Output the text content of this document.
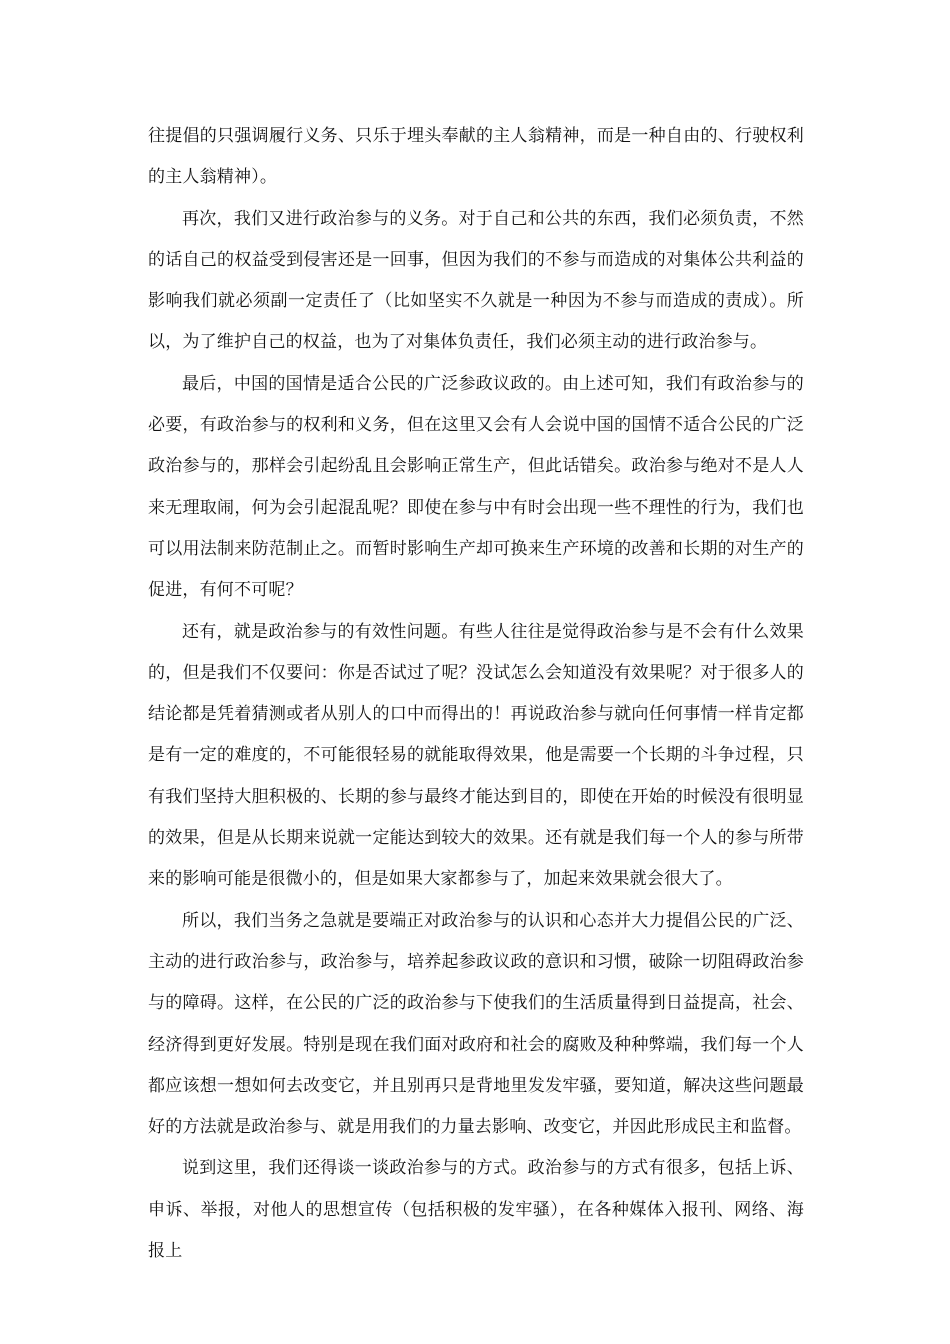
往提倡的只强调履行义务、只乐于埋头奉献的主人翁精神，而是一种自由的、行驶权利的主人翁精神）。

再次，我们又进行政治参与的义务。对于自己和公共的东西，我们必须负责，不然的话自己的权益受到侵害还是一回事，但因为我们的不参与而造成的对集体公共利益的影响我们就必须副一定责任了（比如坚实不久就是一种因为不参与而造成的责成）。所以，为了维护自己的权益，也为了对集体负责任，我们必须主动的进行政治参与。

最后，中国的国情是适合公民的广泛参政议政的。由上述可知，我们有政治参与的必要，有政治参与的权利和义务，但在这里又会有人会说中国的国情不适合公民的广泛政治参与的，那样会引起纷乱且会影响正常生产，但此话错矣。政治参与绝对不是人人来无理取闹，何为会引起混乱呢？即使在参与中有时会出现一些不理性的行为，我们也可以用法制来防范制止之。而暂时影响生产却可换来生产环境的改善和长期的对生产的促进，有何不可呢？

还有，就是政治参与的有效性问题。有些人往往是觉得政治参与是不会有什么效果的，但是我们不仅要问：你是否试过了呢？没试怎么会知道没有效果呢？对于很多人的结论都是凭着猜测或者从别人的口中而得出的！再说政治参与就向任何事情一样肯定都是有一定的难度的，不可能很轻易的就能取得效果，他是需要一个长期的斗争过程，只有我们坚持大胆积极的、长期的参与最终才能达到目的，即使在开始的时候没有很明显的效果，但是从长期来说就一定能达到较大的效果。还有就是我们每一个人的参与所带来的影响可能是很微小的，但是如果大家都参与了，加起来效果就会很大了。

所以，我们当务之急就是要端正对政治参与的认识和心态并大力提倡公民的广泛、主动的进行政治参与，政治参与，培养起参政议政的意识和习惯，破除一切阻碍政治参与的障碍。这样，在公民的广泛的政治参与下使我们的生活质量得到日益提高，社会、经济得到更好发展。特别是现在我们面对政府和社会的腐败及种种弊端，我们每一个人都应该想一想如何去改变它，并且别再只是背地里发发牢骚，要知道，解决这些问题最好的方法就是政治参与、就是用我们的力量去影响、改变它，并因此形成民主和监督。

说到这里，我们还得谈一谈政治参与的方式。政治参与的方式有很多，包括上诉、申诉、举报，对他人的思想宣传（包括积极的发牢骚），在各种媒体入报刊、网络、海报上
